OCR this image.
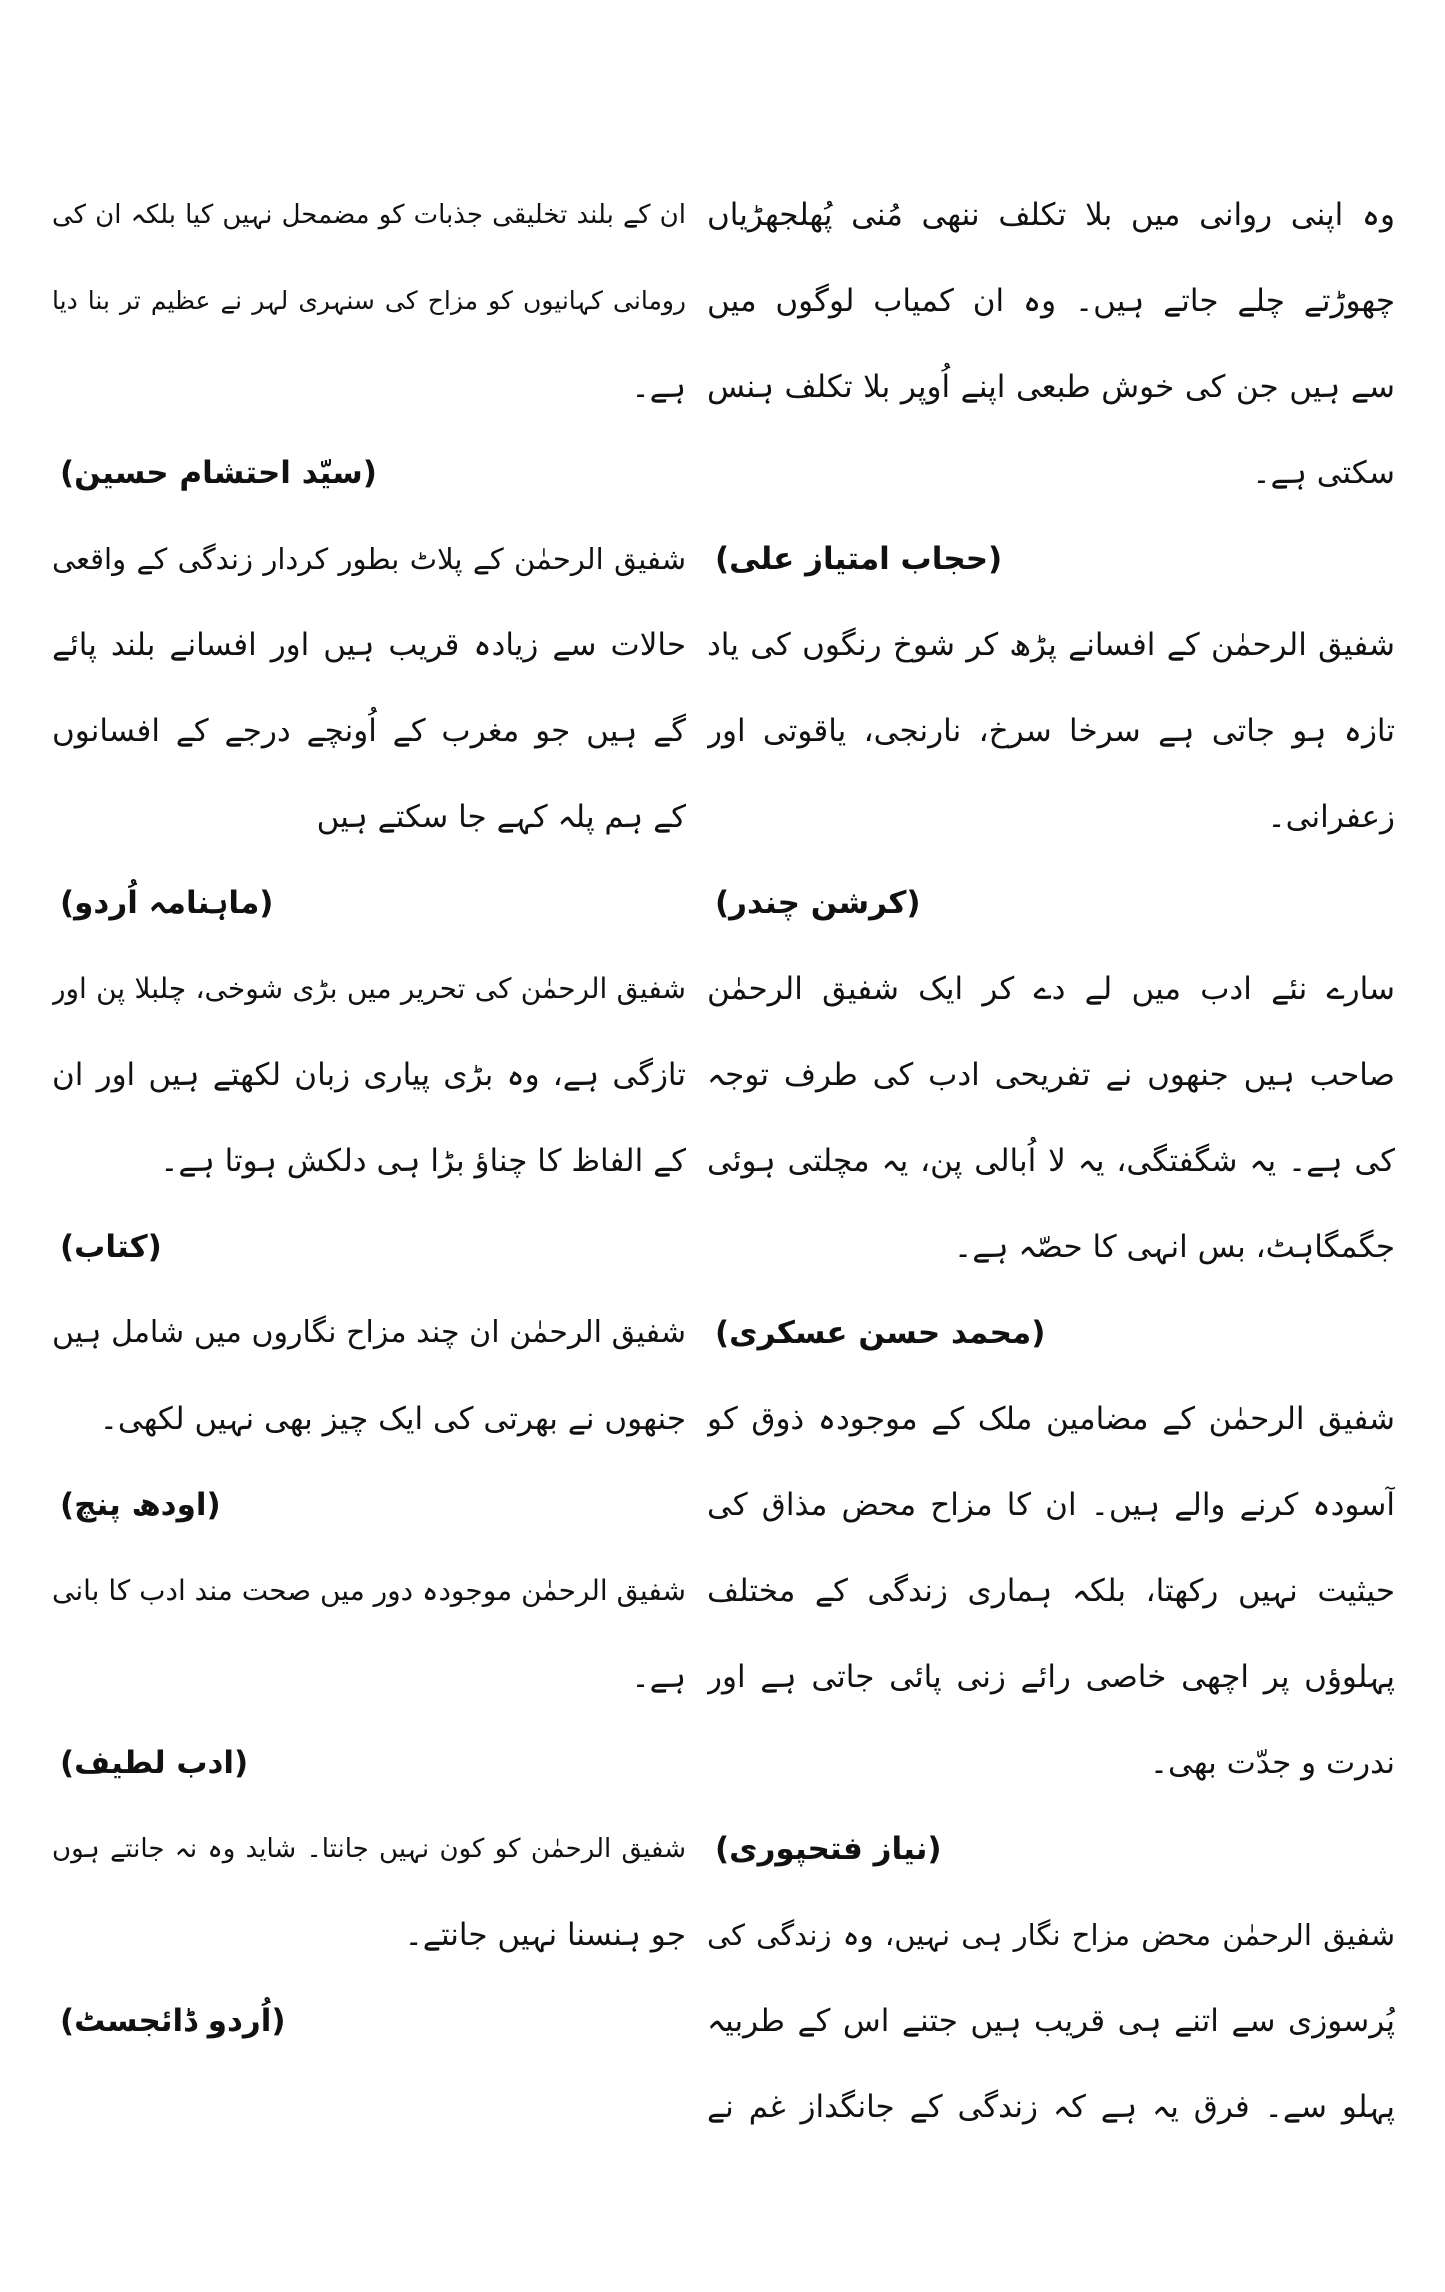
وہ اپنی روانی میں بلا تکلف ننھی مُنی پُھلجھڑیاں
چھوڑتے چلے جاتے ہیں۔ وہ ان کمیاب لوگوں میں
سے ہیں جن کی خوش طبعی اپنے اُوپر بلا تکلف ہنس
سکتی ہے۔
(حجاب امتیاز علی)
شفیق الرحمٰن کے افسانے پڑھ کر شوخ رنگوں کی یاد
تازہ ہو جاتی ہے سرخا سرخ، نارنجی، یاقوتی اور
زعفرانی۔
(کرشن چندر)
سارے نئے ادب میں لے دے کر ایک شفیق الرحمٰن
صاحب ہیں جنھوں نے تفریحی ادب کی طرف توجہ
کی ہے۔ یہ شگفتگی، یہ لا اُبالی پن، یہ مچلتی ہوئی
جگمگاہٹ، بس انہی کا حصّہ ہے۔
(محمد حسن عسکری)
شفیق الرحمٰن کے مضامین ملک کے موجودہ ذوق کو
آسودہ کرنے والے ہیں۔ ان کا مزاح محض مذاق کی
حیثیت نہیں رکھتا، بلکہ ہماری زندگی کے مختلف
پہلوؤں پر اچھی خاصی رائے زنی پائی جاتی ہے اور
ندرت و جدّت بھی۔
(نیاز فتحپوری)
شفیق الرحمٰن محض مزاح نگار ہی نہیں، وہ زندگی کی
پُرسوزی سے اتنے ہی قریب ہیں جتنے اس کے طربیہ
پہلو سے۔ فرق یہ ہے کہ زندگی کے جانگداز غم نے
ان کے بلند تخلیقی جذبات کو مضمحل نہیں کیا بلکہ ان کی
رومانی کہانیوں کو مزاح کی سنہری لہر نے عظیم تر بنا دیا
ہے۔
(سیّد احتشام حسین)
شفیق الرحمٰن کے پلاٹ بطور کردار زندگی کے واقعی
حالات سے زیادہ قریب ہیں اور افسانے بلند پائے
گے ہیں جو مغرب کے اُونچے درجے کے افسانوں
کے ہم پلہ کہے جا سکتے ہیں
(ماہنامہ اُردو)
شفیق الرحمٰن کی تحریر میں بڑی شوخی، چلبلا پن اور
تازگی ہے، وہ بڑی پیاری زبان لکھتے ہیں اور ان
کے الفاظ کا چناؤ بڑا ہی دلکش ہوتا ہے۔
(کتاب)
شفیق الرحمٰن ان چند مزاح نگاروں میں شامل ہیں
جنھوں نے بھرتی کی ایک چیز بھی نہیں لکھی۔
(اودھ پنچ)
شفیق الرحمٰن موجودہ دور میں صحت مند ادب کا بانی
ہے۔
(ادب لطیف)
شفیق الرحمٰن کو کون نہیں جانتا۔ شاید وہ نہ جانتے ہوں
جو ہنسنا نہیں جانتے۔
(اُردو ڈائجسٹ)
